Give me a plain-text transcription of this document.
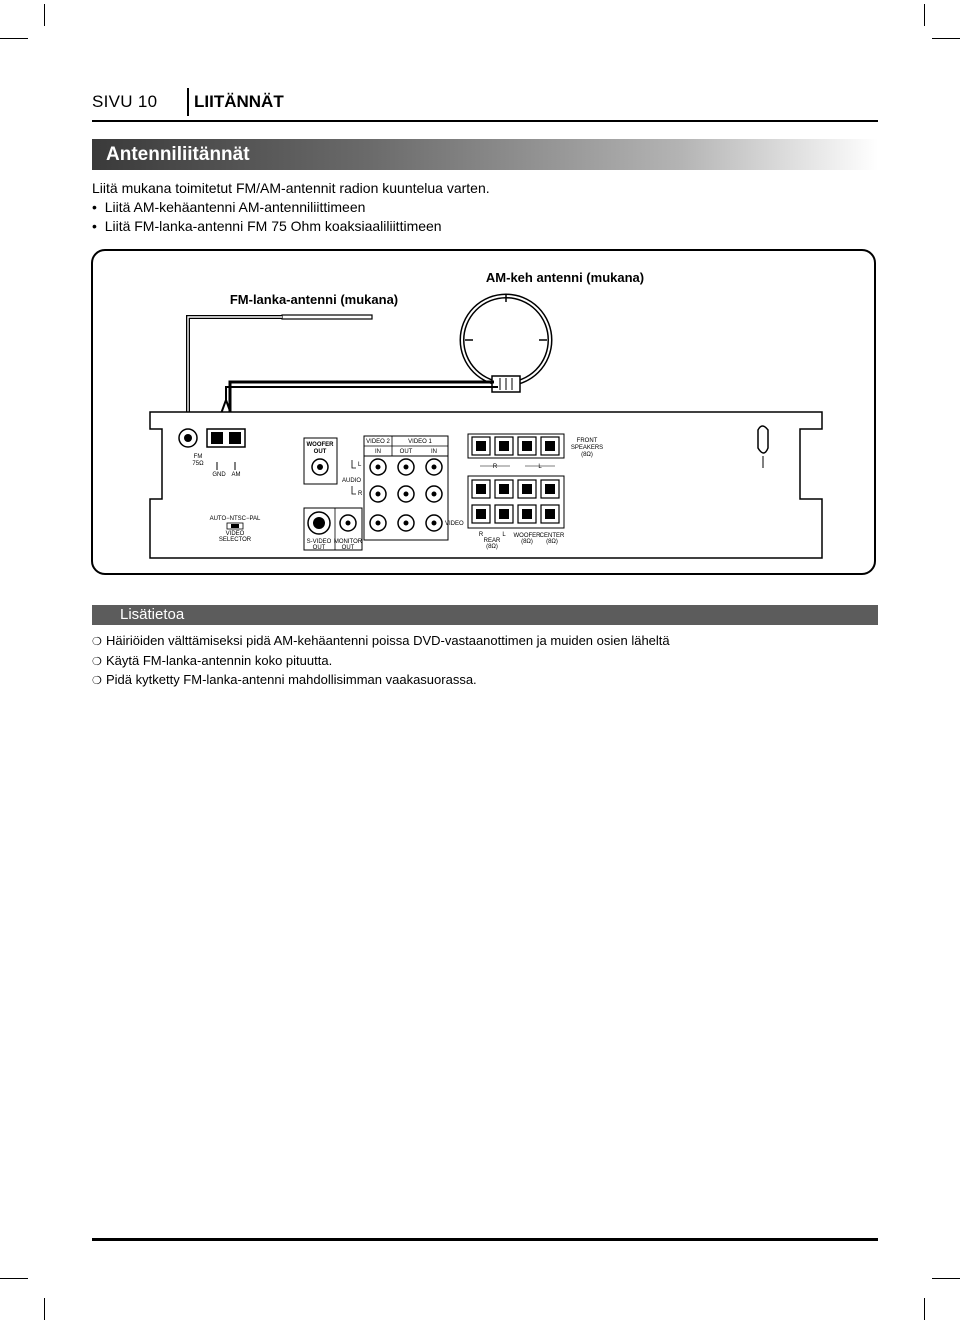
SIVU 10 LIITÄNNÄT
Antenniliitännät
Liitä mukana toimitetut FM/AM-antennit radion kuuntelua varten.
•  Liitä AM-kehäantenni AM-antenniliittimeen
•  Liitä FM-lanka-antenni FM 75 Ohm koaksiaaliliittimeen
FM-lanka-antenni (mukana)
AM-keh antenni (mukana)
FM
75Ω
GND AM
WOOFER
OUT
L
AUDIO
R
VIDEO 2	VIDEO 1
IN	OUT	IN
VIDEO
R	L
FRONT
SPEAKERS
(8Ω)
R	L
REAR
(8Ω)
WOOFER
(8Ω)
CENTER
(8Ω)
AUTO−NTSC−PAL
VIDEO
SELECTOR	S-VIDEO
OUT
MONITOR
OUT
Lisätietoa
❍ Häiriöiden välttämiseksi pidä AM-kehäantenni poissa DVD-vastaanottimen ja muiden osien läheltä
❍ Käytä FM-lanka-antennin koko pituutta.
❍ Pidä kytketty FM-lanka-antenni mahdollisimman vaakasuorassa.
